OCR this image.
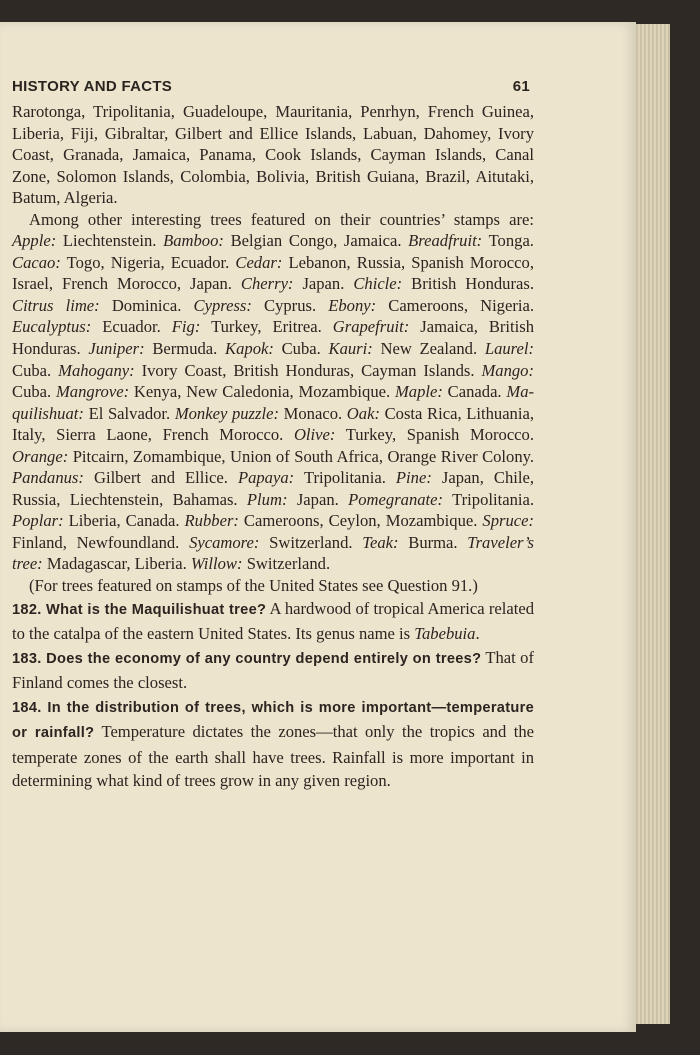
HISTORY AND FACTS	61

Rarotonga, Tripolitania, Guadeloupe, Mauritania, Penrhyn, French Guinea, Liberia, Fiji, Gibraltar, Gilbert and Ellice Islands, Labuan, Dahomey, Ivory Coast, Granada, Jamaica, Panama, Cook Islands, Cayman Islands, Canal Zone, Solomon Islands, Colombia, Bolivia, British Guiana, Brazil, Aitutaki, Batum, Algeria.

Among other interesting trees featured on their countries’ stamps are: Apple: Liechtenstein. Bamboo: Belgian Congo, Jamaica. Breadfruit: Tonga. Cacao: Togo, Nigeria, Ecuador. Cedar: Lebanon, Russia, Spanish Morocco, Israel, French Morocco, Japan. Cherry: Japan. Chicle: British Honduras. Citrus lime: Dominica. Cypress: Cyprus. Ebony: Cameroons, Nigeria. Eucalyptus: Ecuador. Fig: Turkey, Eritrea. Grapefruit: Jamaica, British Honduras. Juniper: Bermuda. Kapok: Cuba. Kauri: New Zealand. Laurel: Cuba. Mahogany: Ivory Coast, British Honduras, Cayman Islands. Mango: Cuba. Mangrove: Kenya, New Caledonia, Mozambique. Maple: Canada. Maquilishuat: El Salvador. Monkey puzzle: Monaco. Oak: Costa Rica, Lithuania, Italy, Sierra Laone, French Morocco. Olive: Turkey, Spanish Morocco. Orange: Pitcairn, Zomambique, Union of South Africa, Orange River Colony. Pandanus: Gilbert and Ellice. Papaya: Tripolitania. Pine: Japan, Chile, Russia, Liechtenstein, Bahamas. Plum: Japan. Pomegranate: Tripolitania. Poplar: Liberia, Canada. Rubber: Cameroons, Ceylon, Mozambique. Spruce: Finland, Newfoundland. Sycamore: Switzerland. Teak: Burma. Traveler’s tree: Madagascar, Liberia. Willow: Switzerland.

(For trees featured on stamps of the United States see Question 91.)

182. What is the Maquilishuat tree? A hardwood of tropical America related to the catalpa of the eastern United States. Its genus name is Tabebuia.

183. Does the economy of any country depend entirely on trees? That of Finland comes the closest.

184. In the distribution of trees, which is more important—temperature or rainfall? Temperature dictates the zones—that only the tropics and the temperate zones of the earth shall have trees. Rainfall is more important in determining what kind of trees grow in any given region.
